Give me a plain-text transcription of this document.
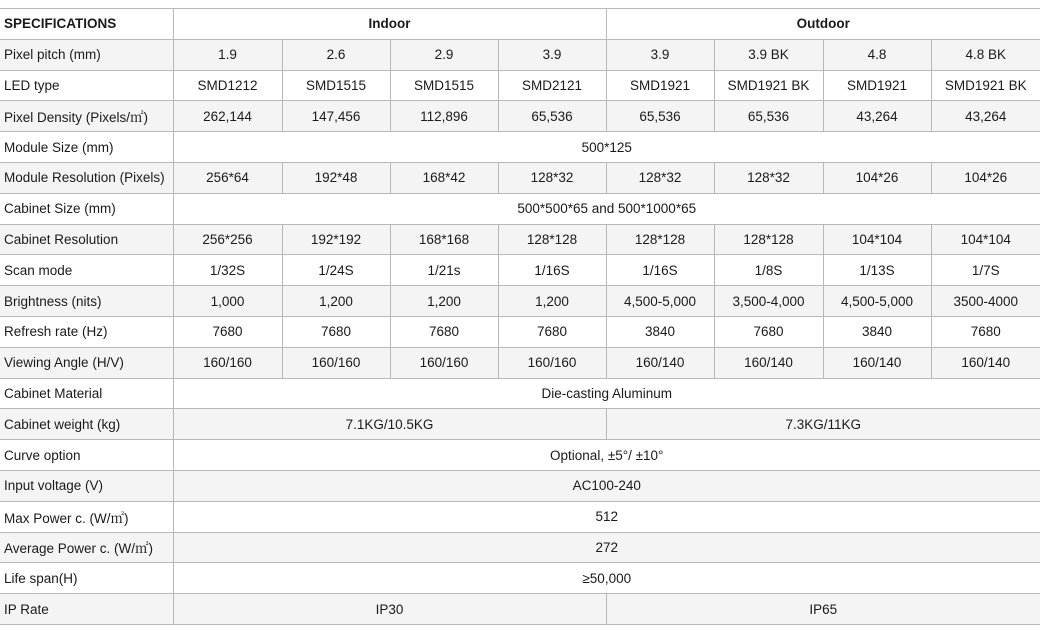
SPECIFICATIONS	Indoor				Outdoor			
Pixel pitch (mm)	1.9	2.6	2.9	3.9	3.9	3.9 BK	4.8	4.8 BK
LED type	SMD1212	SMD1515	SMD1515	SMD2121	SMD1921	SMD1921 BK	SMD1921	SMD1921 BK
Pixel Density (Pixels/㎡)	262,144	147,456	112,896	65,536	65,536	65,536	43,264	43,264
Module Size (mm)	500*125							
Module Resolution (Pixels)	256*64	192*48	168*42	128*32	128*32	128*32	104*26	104*26
Cabinet Size (mm)	500*500*65 and 500*1000*65							
Cabinet Resolution	256*256	192*192	168*168	128*128	128*128	128*128	104*104	104*104
Scan mode	1/32S	1/24S	1/21s	1/16S	1/16S	1/8S	1/13S	1/7S
Brightness (nits)	1,000	1,200	1,200	1,200	4,500-5,000	3,500-4,000	4,500-5,000	3500-4000
Refresh rate (Hz)	7680	7680	7680	7680	3840	7680	3840	7680
Viewing Angle (H/V)	160/160	160/160	160/160	160/160	160/140	160/140	160/140	160/140
Cabinet Material	Die-casting Aluminum							
Cabinet weight (kg)	7.1KG/10.5KG				7.3KG/11KG			
Curve option	Optional, ±5°/ ±10°							
Input voltage (V)	AC100-240							
Max Power c. (W/㎡)	512							
Average Power c. (W/㎡)	272							
Life span(H)	≥50,000							
IP Rate	IP30				IP65			
